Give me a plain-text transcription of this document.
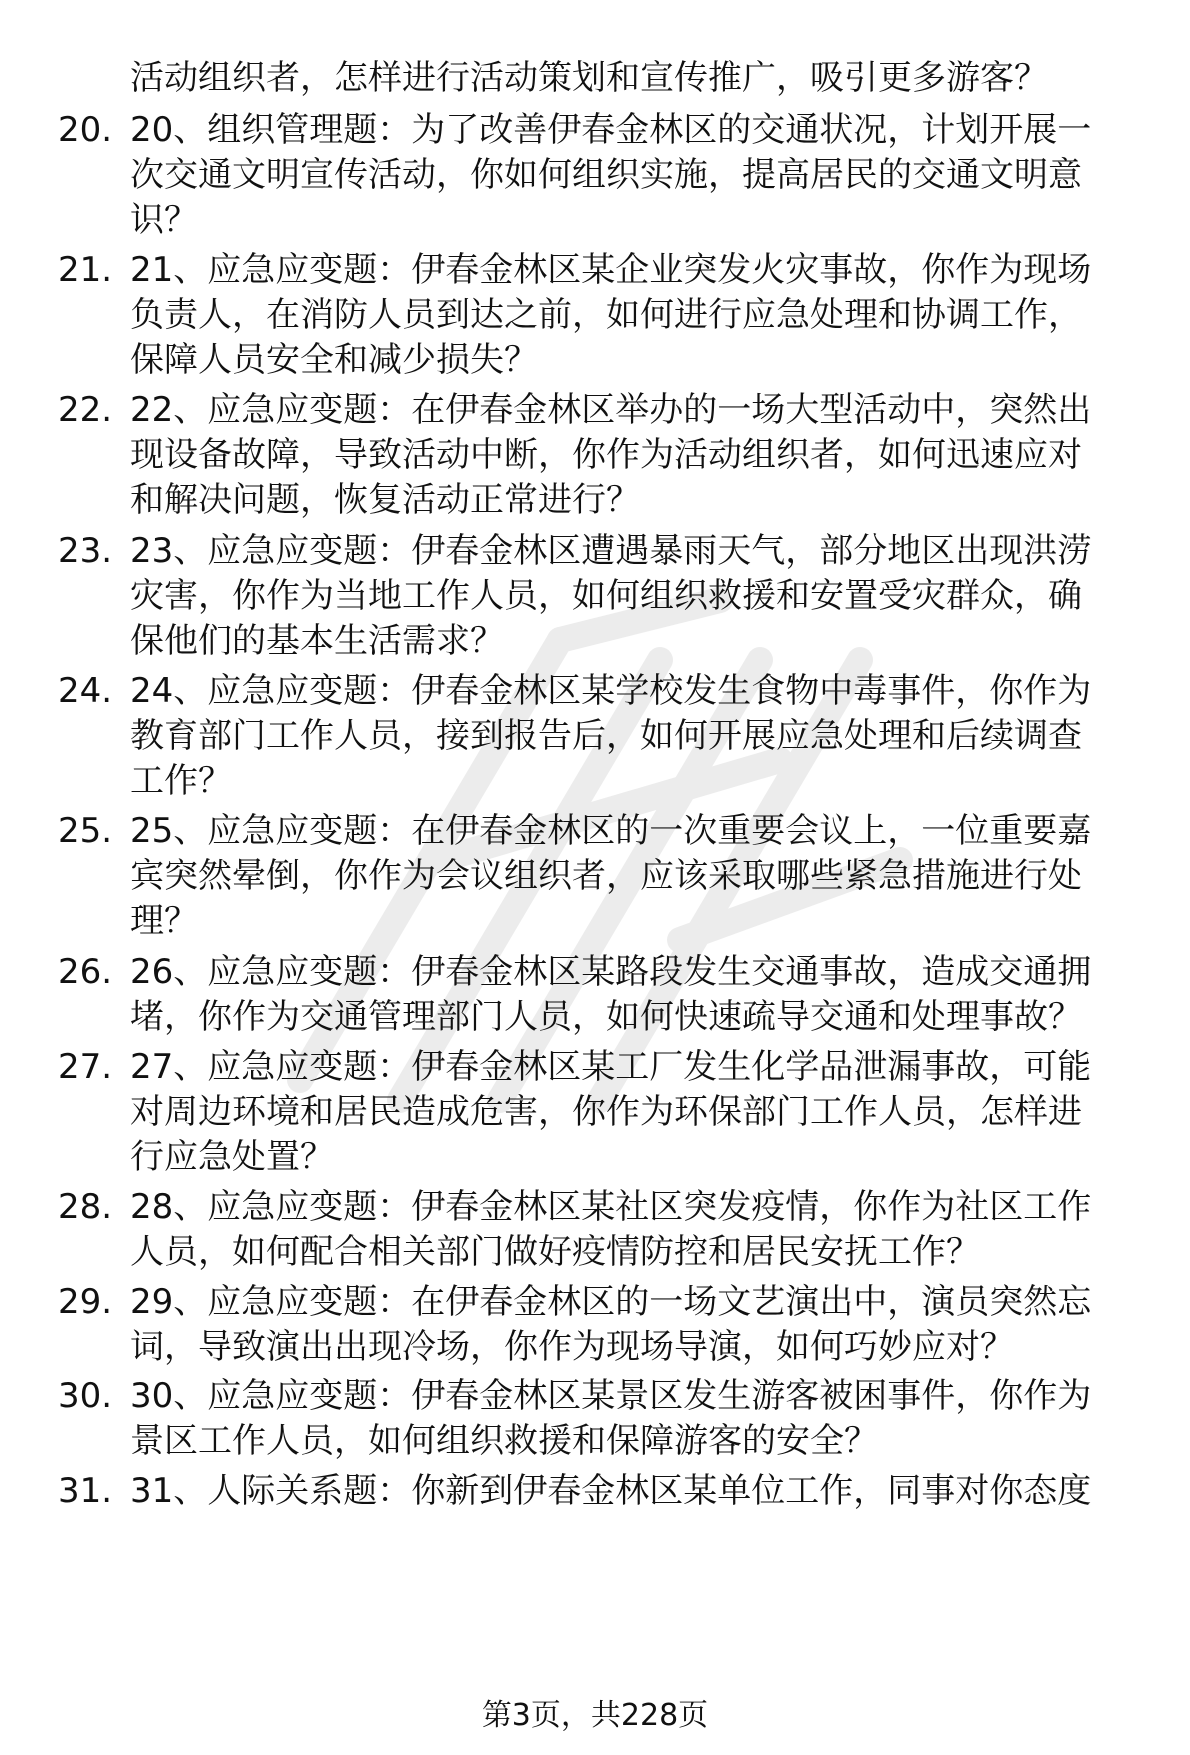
活动组织者，怎样进行活动策划和宣传推广，吸引更多游客？
20. 20、组织管理题：为了改善伊春金林区的交通状况，计划开展一
次交通文明宣传活动，你如何组织实施，提高居民的交通文明意
识？
21. 21、应急应变题：伊春金林区某企业突发火灾事故，你作为现场
负责人，在消防人员到达之前，如何进行应急处理和协调工作，
保障人员安全和减少损失？
22. 22、应急应变题：在伊春金林区举办的一场大型活动中，突然出
现设备故障，导致活动中断，你作为活动组织者，如何迅速应对
和解决问题，恢复活动正常进行？
23. 23、应急应变题：伊春金林区遭遇暴雨天气，部分地区出现洪涝
灾害，你作为当地工作人员，如何组织救援和安置受灾群众，确
保他们的基本生活需求？
24. 24、应急应变题：伊春金林区某学校发生食物中毒事件，你作为
教育部门工作人员，接到报告后，如何开展应急处理和后续调查
工作？
25. 25、应急应变题：在伊春金林区的一次重要会议上，一位重要嘉
宾突然晕倒，你作为会议组织者，应该采取哪些紧急措施进行处
理？
26. 26、应急应变题：伊春金林区某路段发生交通事故，造成交通拥
堵，你作为交通管理部门人员，如何快速疏导交通和处理事故？
27. 27、应急应变题：伊春金林区某工厂发生化学品泄漏事故，可能
对周边环境和居民造成危害，你作为环保部门工作人员，怎样进
行应急处置？
28. 28、应急应变题：伊春金林区某社区突发疫情，你作为社区工作
人员，如何配合相关部门做好疫情防控和居民安抚工作？
29. 29、应急应变题：在伊春金林区的一场文艺演出中，演员突然忘
词，导致演出出现冷场，你作为现场导演，如何巧妙应对？
30. 30、应急应变题：伊春金林区某景区发生游客被困事件，你作为
景区工作人员，如何组织救援和保障游客的安全？
31. 31、人际关系题：你新到伊春金林区某单位工作，同事对你态度
第3页，共228页
